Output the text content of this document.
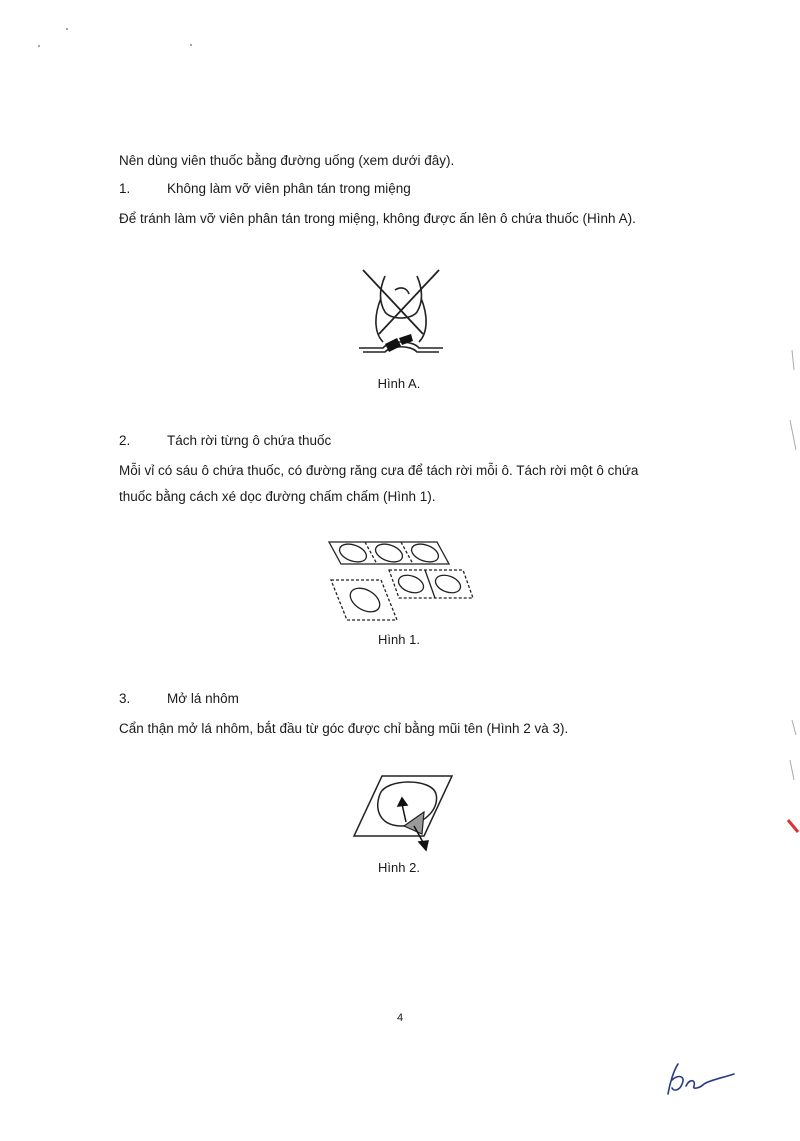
Nên dùng viên thuốc bằng đường uống (xem dưới đây).
1.	Không làm vỡ viên phân tán trong miệng
Để tránh làm vỡ viên phân tán trong miệng, không được ấn lên ô chứa thuốc (Hình A).
Hình A.
2.	Tách rời từng ô chứa thuốc
Mỗi vỉ có sáu ô chứa thuốc, có đường răng cưa để tách rời mỗi ô. Tách rời một ô chứa
thuốc bằng cách xé dọc đường chấm chấm (Hình 1).
Hình 1.
3.	Mở lá nhôm
Cẩn thận mở lá nhôm, bắt đầu từ góc được chỉ bằng mũi tên (Hình 2 và 3).
Hình 2.
4
